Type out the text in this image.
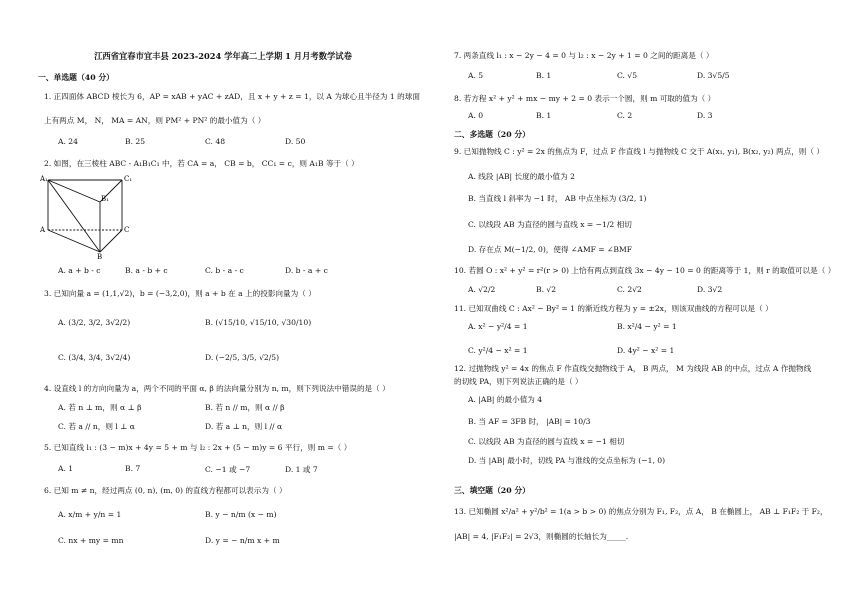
江西省宜春市宜丰县 2023-2024 学年高二上学期 1 月月考数学试卷
一、单选题（40 分）
1. 正四面体 ABCD 棱长为 6，AP = xAB + yAC + zAD，且 x + y + z = 1，以 A 为球心且半径为 1 的球面
上有两点 M， N， MA = AN，则 PM² + PN² 的最小值为（ ）
A. 24	B. 25	C. 48	D. 50
2. 如图，在三棱柱 ABC - A₁B₁C₁ 中，若 CA = a， CB = b， CC₁ = c，则 A₁B 等于（ ）
A₁	C₁
B₁
A	C
B
A. a + b - c	B. a - b + c	C. b - a - c	D. b - a + c
3. 已知向量 a = (1,1,√2)，b = (−3,2,0)，则 a + b 在 a 上的投影向量为（ ）
A. (3/2, 3/2, 3√2/2)	B. (√15/10, √15/10, √30/10)
C. (3/4, 3/4, 3√2/4)	D. (−2/5, 3/5, √2/5)
4. 设直线 l 的方向向量为 a，两个不同的平面 α, β 的法向量分别为 n, m，则下列说法中错误的是（ ）
A. 若 n ⊥ m，则 α ⊥ β	B. 若 n // m，则 α // β
C. 若 a // n，则 l ⊥ α	D. 若 a ⊥ n，则 l // α
5. 已知直线 l₁ : (3 − m)x + 4y = 5 + m 与 l₂ : 2x + (5 − m)y = 6 平行，则 m =（ ）
A. 1	B. 7	C. −1 或 −7	D. 1 或 7
6. 已知 m ≠ n，经过两点 (0, n), (m, 0) 的直线方程都可以表示为（ ）
A. x/m + y/n = 1	B. y − n/m (x − m)
C. nx + my = mn	D. y = − n/m x + m
7. 两条直线 l₁ : x − 2y − 4 = 0 与 l₂ : x − 2y + 1 = 0 之间的距离是（ ）
A. 5	B. 1	C. √5	D. 3√5/5
8. 若方程 x² + y² + mx − my + 2 = 0 表示一个圆，则 m 可取的值为（ ）
A. 0	B. 1	C. 2	D. 3
二、多选题（20 分）
9. 已知抛物线 C : y² = 2x 的焦点为 F，过点 F 作直线 l 与抛物线 C 交于 A(x₁, y₁), B(x₂, y₂) 两点，则（ ）
A. 线段 |AB| 长度的最小值为 2
B. 当直线 l 斜率为 −1 时， AB 中点坐标为 (3/2, 1)
C. 以线段 AB 为直径的圆与直线 x = −1/2 相切
D. 存在点 M(−1/2, 0)，使得 ∠AMF = ∠BMF
10. 若圆 O : x² + y² = r²(r > 0) 上恰有两点到直线 3x − 4y − 10 = 0 的距离等于 1，则 r 的取值可以是（ ）
A. √2/2	B. √2	C. 2√2	D. 3√2
11. 已知双曲线 C : Ax² − By² = 1 的渐近线方程为 y = ±2x，则该双曲线的方程可以是（ ）
A. x² − y²/4 = 1	B. x²/4 − y² = 1
C. y²/4 − x² = 1	D. 4y² − x² = 1
12. 过抛物线 y² = 4x 的焦点 F 作直线交抛物线于 A， B 两点， M 为线段 AB 的中点，过点 A 作抛物线
的切线 PA，则下列说法正确的是（ ）
A. |AB| 的最小值为 4
B. 当 AF = 3FB 时， |AB| = 10/3
C. 以线段 AB 为直径的圆与直线 x = −1 相切
D. 当 |AB| 最小时，切线 PA 与准线的交点坐标为 (−1, 0)
三、填空题（20 分）
13. 已知椭圆 x²/a² + y²/b² = 1(a > b > 0) 的焦点分别为 F₁, F₂，点 A， B 在椭圆上， AB ⊥ F₁F₂ 于 F₂，
|AB| = 4, |F₁F₂| = 2√3，则椭圆的长轴长为_____.
